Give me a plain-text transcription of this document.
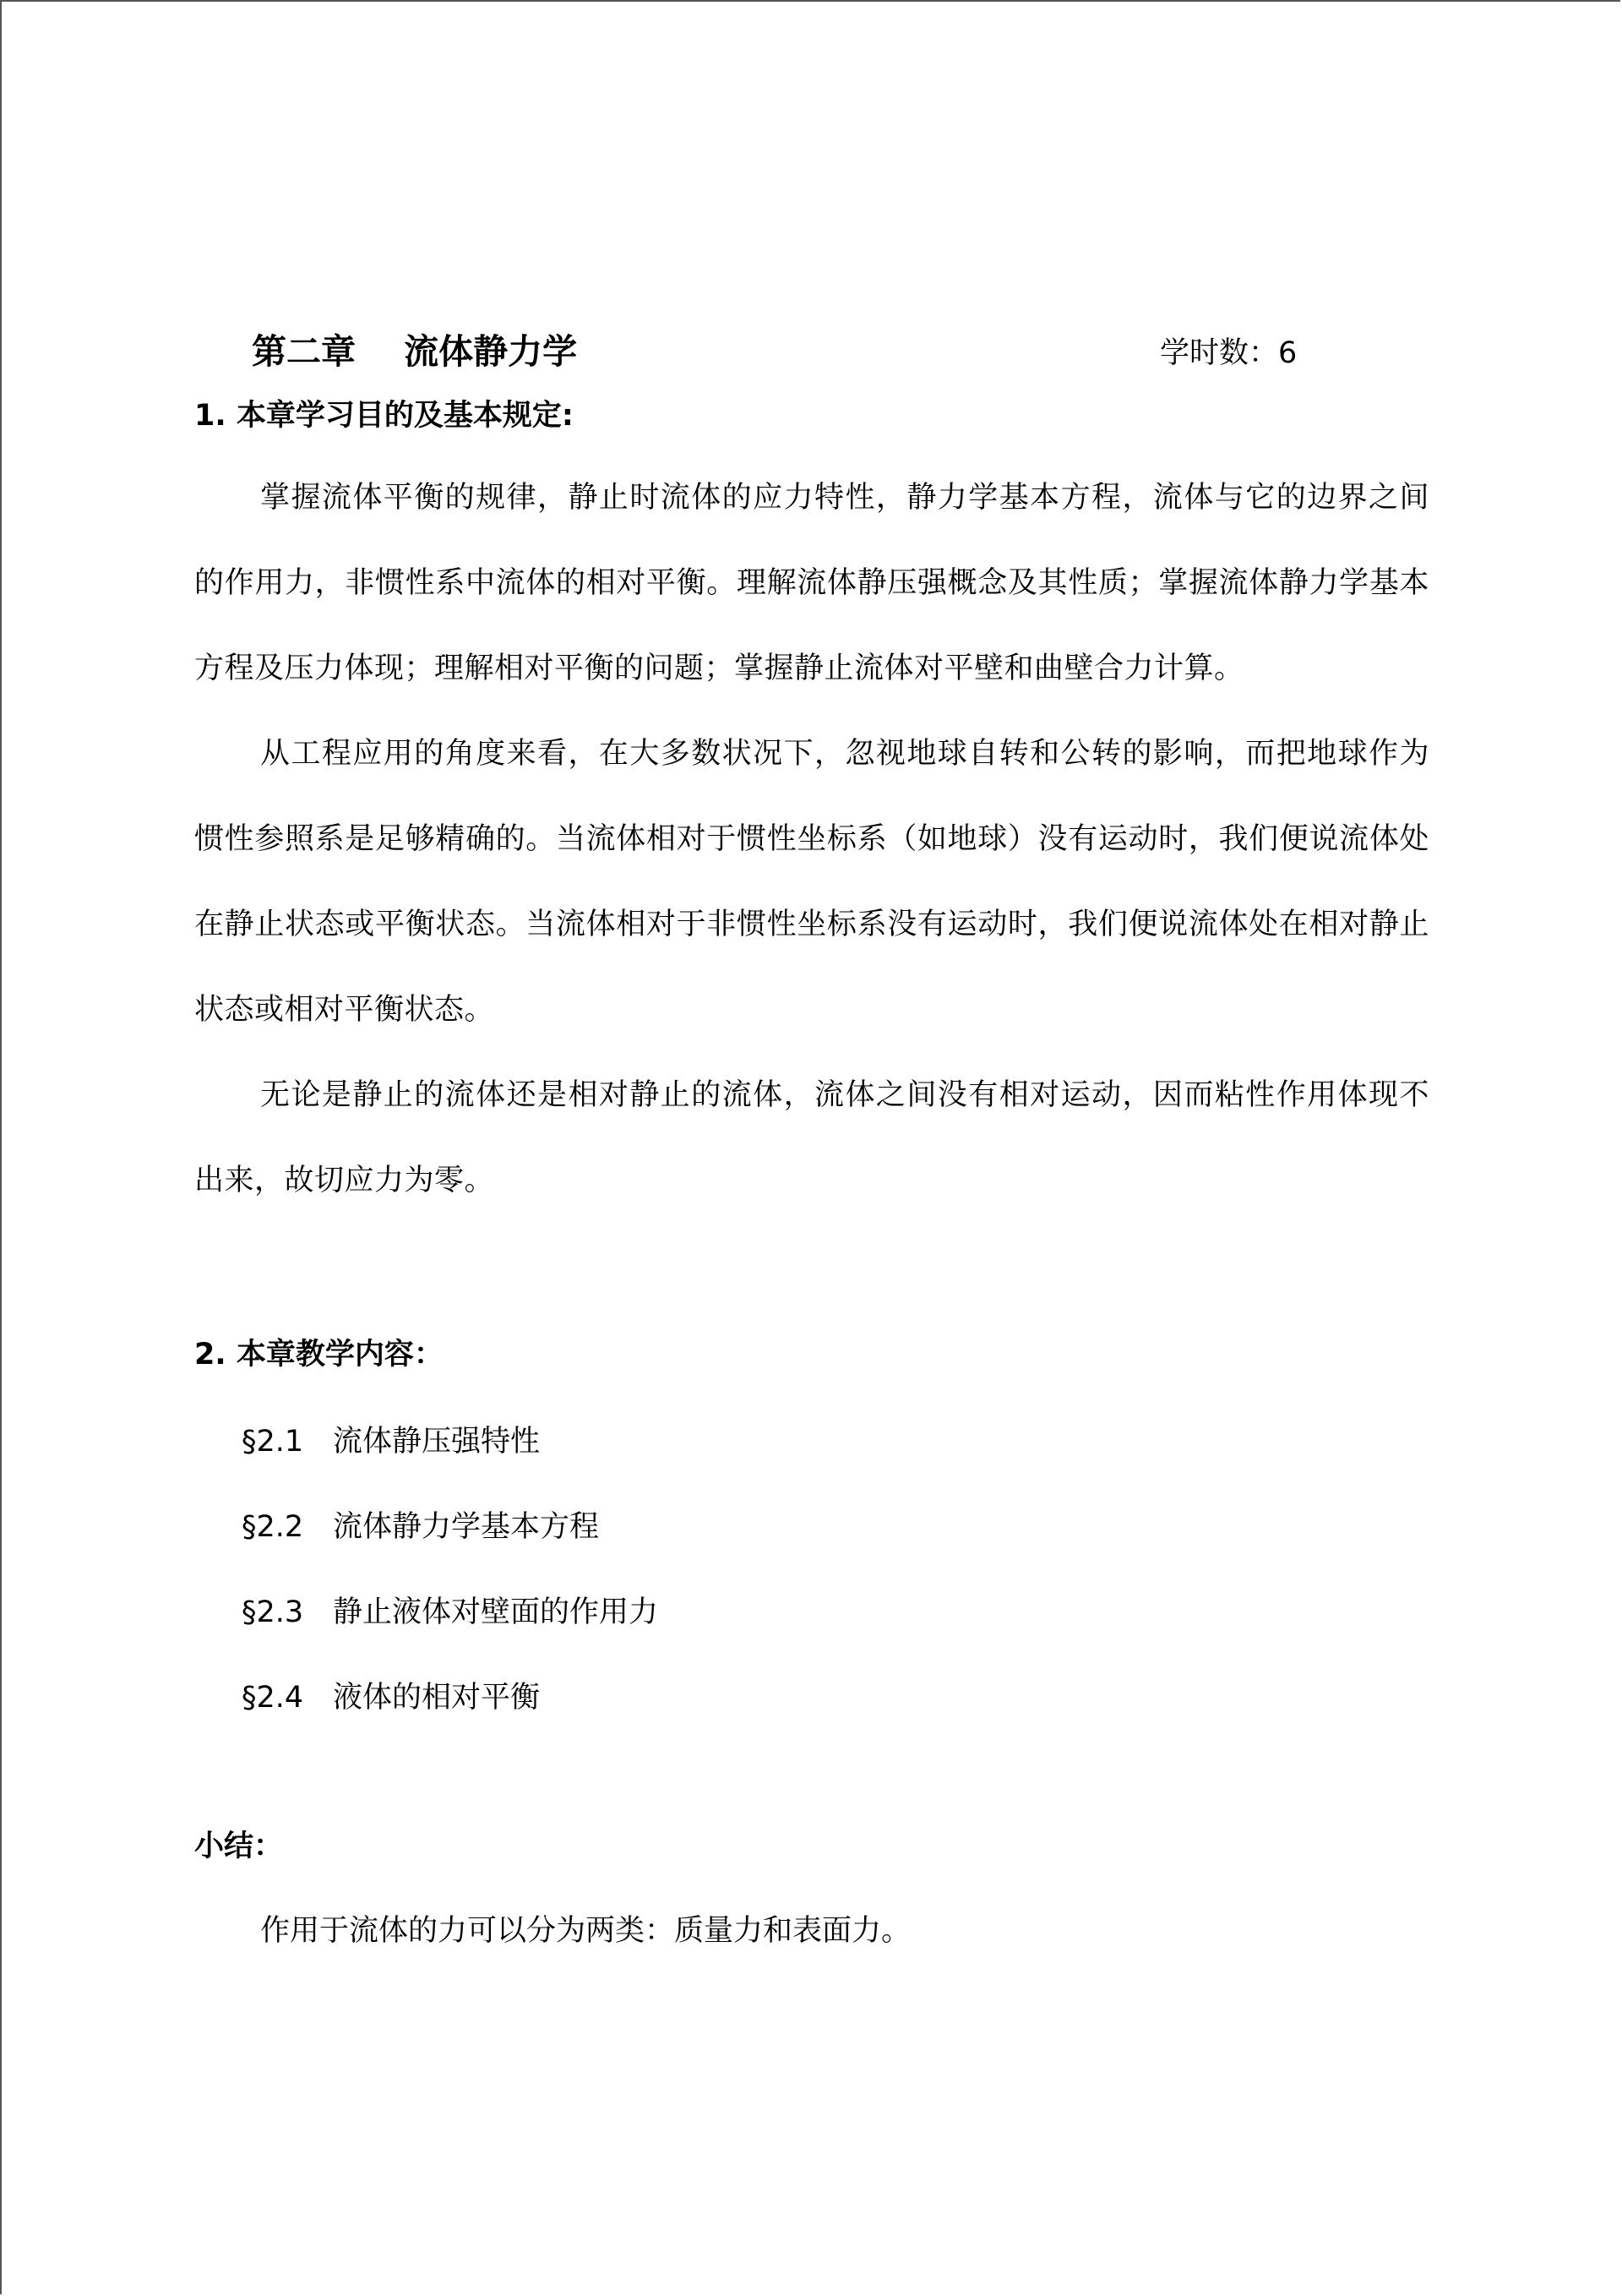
第二章    流体静力学	学时数：6
1. 本章学习目的及基本规定:

掌握流体平衡的规律，静止时流体的应力特性，静力学基本方程，流体与它的边界之间的作用力，非惯性系中流体的相对平衡。理解流体静压强概念及其性质；掌握流体静力学基本方程及压力体现；理解相对平衡的问题；掌握静止流体对平壁和曲壁合力计算。

从工程应用的角度来看，在大多数状况下，忽视地球自转和公转的影响，而把地球作为惯性参照系是足够精确的。当流体相对于惯性坐标系（如地球）没有运动时，我们便说流体处在静止状态或平衡状态。当流体相对于非惯性坐标系没有运动时，我们便说流体处在相对静止状态或相对平衡状态。

无论是静止的流体还是相对静止的流体，流体之间没有相对运动，因而粘性作用体现不出来，故切应力为零。

2. 本章教学内容：
§2.1 流体静压强特性
§2.2 流体静力学基本方程
§2.3 静止液体对壁面的作用力
§2.4 液体的相对平衡
小结：
作用于流体的力可以分为两类：质量力和表面力。
